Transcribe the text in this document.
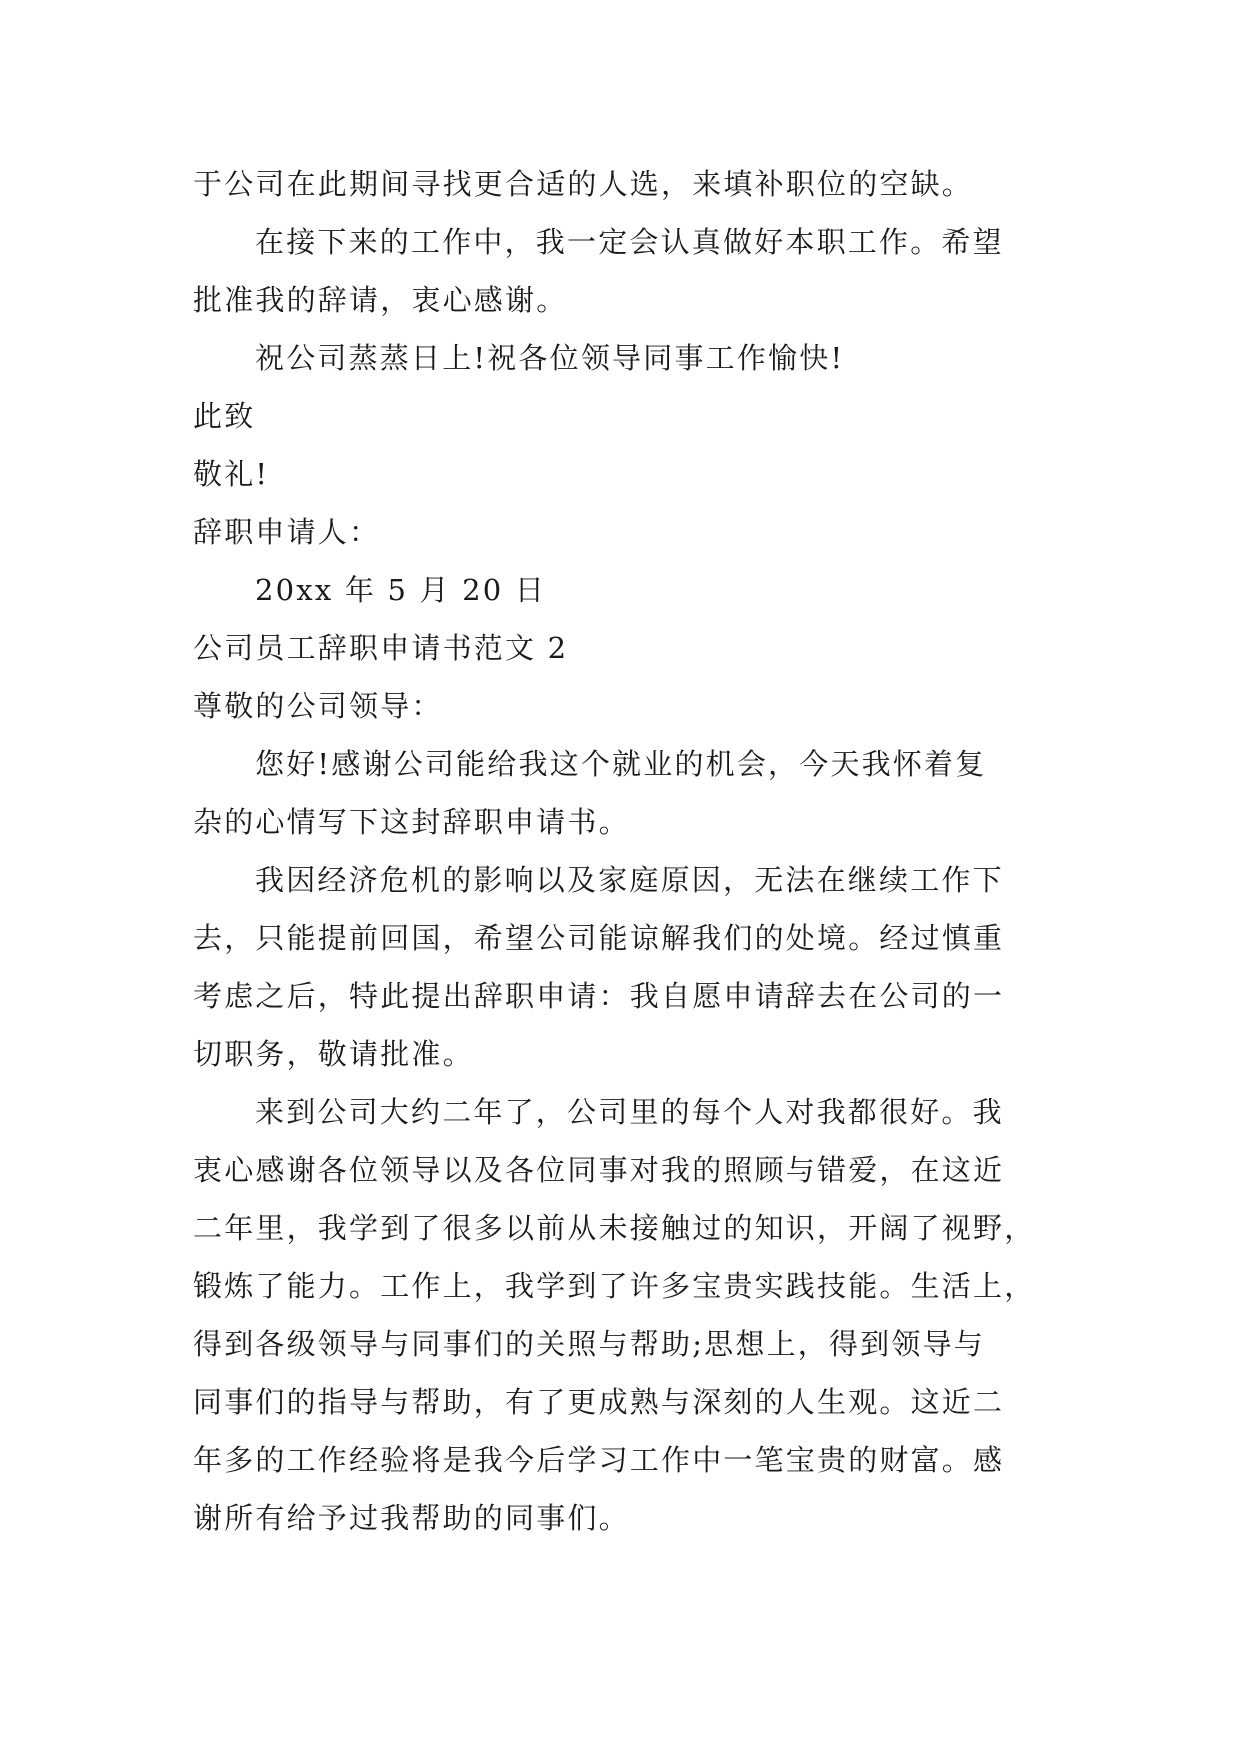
于公司在此期间寻找更合适的人选，来填补职位的空缺。
在接下来的工作中，我一定会认真做好本职工作。希望
批准我的辞请，衷心感谢。
祝公司蒸蒸日上!祝各位领导同事工作愉快!
此致
敬礼!
辞职申请人：
20xx 年 5 月 20 日
公司员工辞职申请书范文 2
尊敬的公司领导：
您好!感谢公司能给我这个就业的机会，今天我怀着复
杂的心情写下这封辞职申请书。
我因经济危机的影响以及家庭原因，无法在继续工作下
去，只能提前回国，希望公司能谅解我们的处境。经过慎重
考虑之后，特此提出辞职申请：我自愿申请辞去在公司的一
切职务，敬请批准。
来到公司大约二年了，公司里的每个人对我都很好。我
衷心感谢各位领导以及各位同事对我的照顾与错爱，在这近
二年里，我学到了很多以前从未接触过的知识，开阔了视野，
锻炼了能力。工作上，我学到了许多宝贵实践技能。生活上，
得到各级领导与同事们的关照与帮助;思想上，得到领导与
同事们的指导与帮助，有了更成熟与深刻的人生观。这近二
年多的工作经验将是我今后学习工作中一笔宝贵的财富。感
谢所有给予过我帮助的同事们。
